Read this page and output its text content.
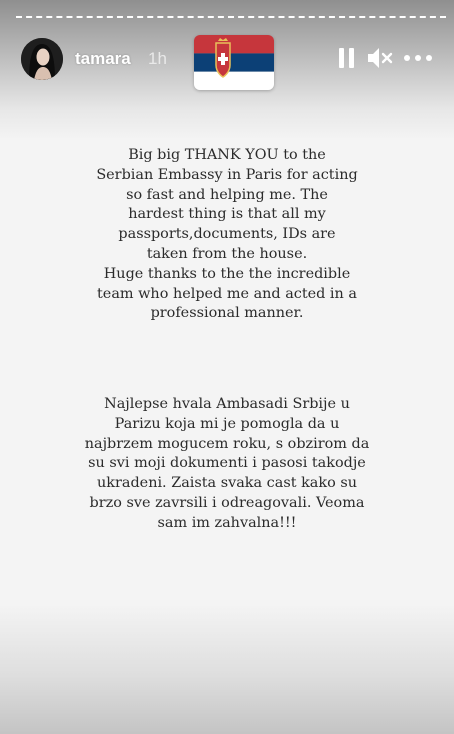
tamara 1h
Big big THANK YOU to the
Serbian Embassy in Paris for acting
so fast and helping me. The
hardest thing is that all my
passports,documents, IDs are
taken from the house.
Huge thanks to the the incredible
team who helped me and acted in a
professional manner.
Najlepse hvala Ambasadi Srbije u
Parizu koja mi je pomogla da u
najbrzem mogucem roku, s obzirom da
su svi moji dokumenti i pasosi takodje
ukradeni. Zaista svaka cast kako su
brzo sve zavrsili i odreagovali. Veoma
sam im zahvalna!!!
